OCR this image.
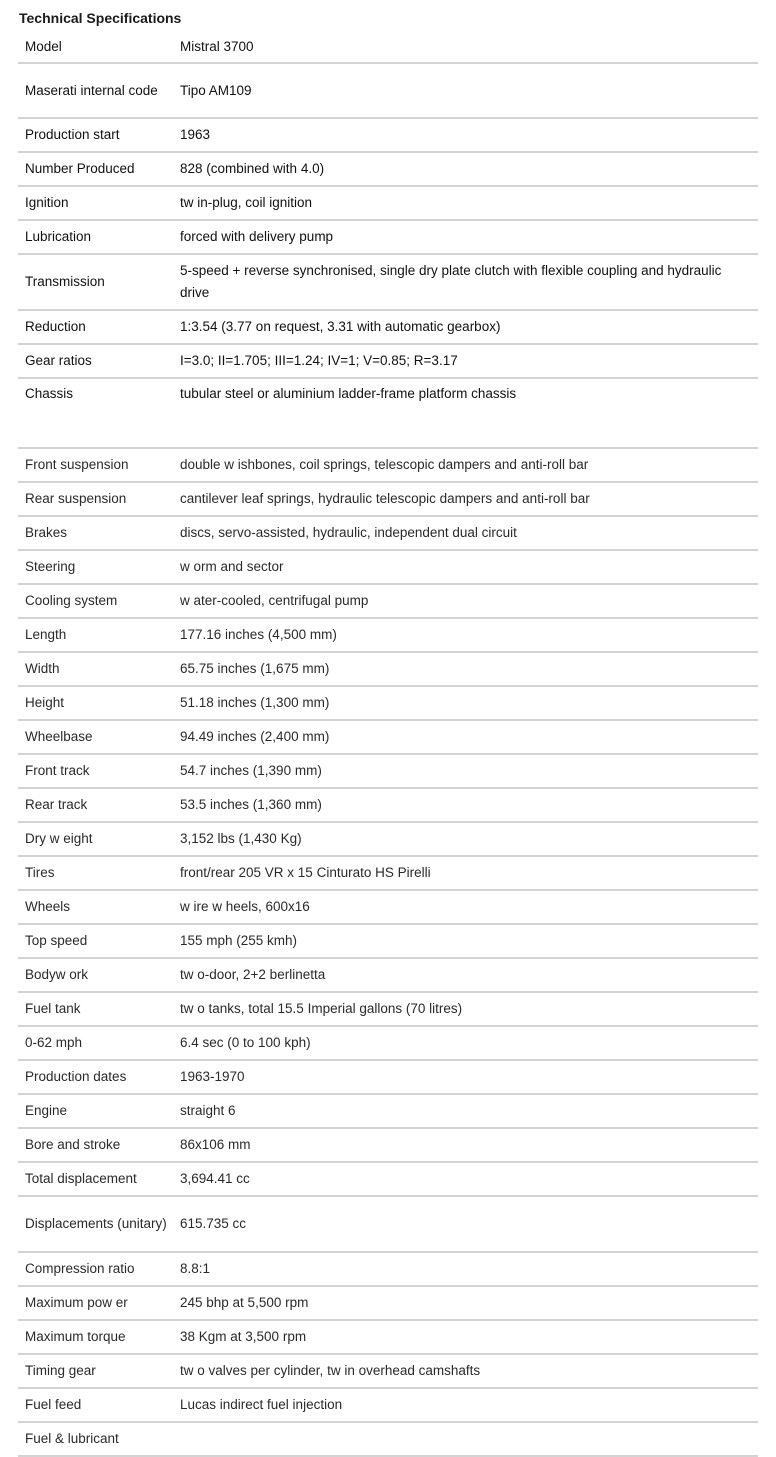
Technical Specifications
Model	Mistral 3700
Maserati internal code	Tipo AM109
Production start	1963
Number Produced	828 (combined with 4.0)
Ignition	tw in-plug, coil ignition
Lubrication	forced with delivery pump
Transmission	5-speed + reverse synchronised, single dry plate clutch with flexible coupling and hydraulic drive
Reduction	1:3.54 (3.77 on request, 3.31 with automatic gearbox)
Gear ratios	I=3.0; II=1.705; III=1.24; IV=1; V=0.85; R=3.17
Chassis	tubular steel or aluminium ladder-frame platform chassis
Front suspension	double w ishbones, coil springs, telescopic dampers and anti-roll bar
Rear suspension	cantilever leaf springs, hydraulic telescopic dampers and anti-roll bar
Brakes	discs, servo-assisted, hydraulic, independent dual circuit
Steering	w orm and sector
Cooling system	w ater-cooled, centrifugal pump
Length	177.16 inches (4,500 mm)
Width	65.75 inches (1,675 mm)
Height	51.18 inches (1,300 mm)
Wheelbase	94.49 inches (2,400 mm)
Front track	54.7 inches (1,390 mm)
Rear track	53.5 inches (1,360 mm)
Dry w eight	3,152 lbs (1,430 Kg)
Tires	front/rear 205 VR x 15 Cinturato HS Pirelli
Wheels	w ire w heels, 600x16
Top speed	155 mph (255 kmh)
Bodyw ork	tw o-door, 2+2 berlinetta
Fuel tank	tw o tanks, total 15.5 Imperial gallons (70 litres)
0-62 mph	6.4 sec (0 to 100 kph)
Production dates	1963-1970
Engine	straight 6
Bore and stroke	86x106 mm
Total displacement	3,694.41 cc
Displacements (unitary)	615.735 cc
Compression ratio	8.8:1
Maximum pow er	245 bhp at 5,500 rpm
Maximum torque	38 Kgm at 3,500 rpm
Timing gear	tw o valves per cylinder, tw in overhead camshafts
Fuel feed	Lucas indirect fuel injection
Fuel & lubricant	
